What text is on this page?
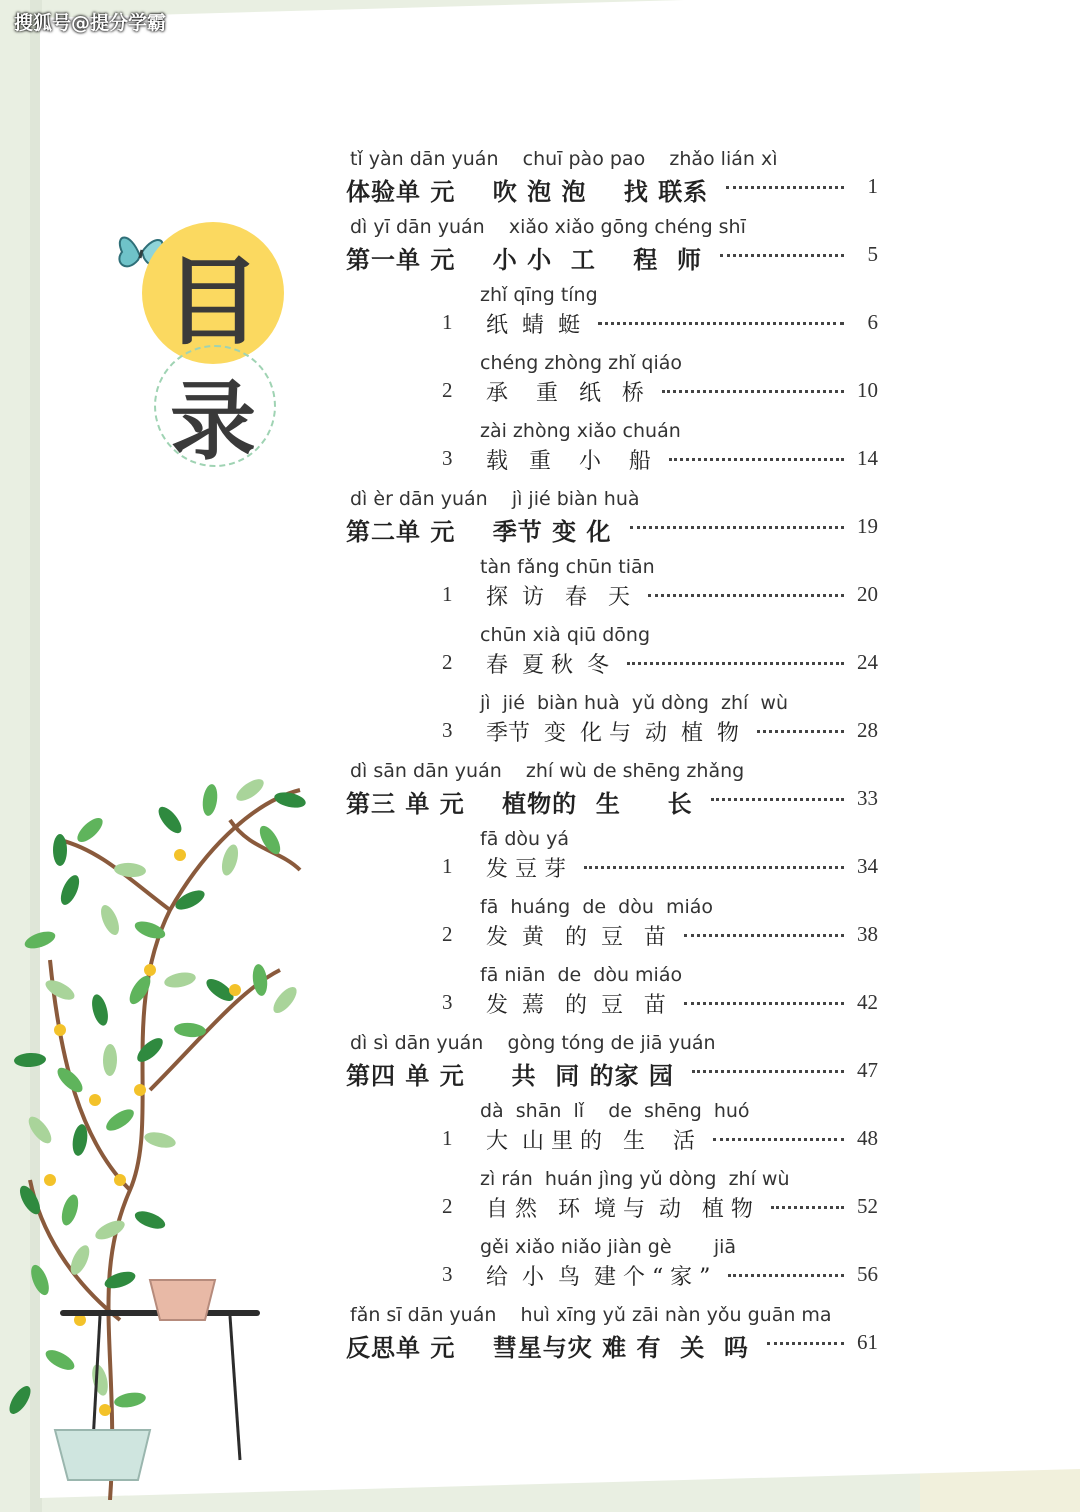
搜狐号@提分学霸
目
录
tǐ yàn dān yuán    chuī pào pao    zhǎo lián xì
体验单 元    吹 泡 泡    找 联系	1
dì yī dān yuán    xiǎo xiǎo gōng chéng shī
第一单 元    小 小  工    程  师	5
zhǐ qīng tíng
1 纸  蜻  蜓	6
chéng zhòng zhǐ qiáo
2 承    重   纸   桥	10
zài zhòng xiǎo chuán
3 载   重    小    船	14
dì èr dān yuán    jì jié biàn huà
第二单 元    季节 变 化	19
tàn fǎng chūn tiān
1 探  访   春   天	20
chūn xià qiū dōng
2 春  夏 秋  冬	24
jì  jié  biàn huà  yǔ dòng  zhí  wù
3 季节  变  化 与  动  植  物	28
dì sān dān yuán    zhí wù de shēng zhǎng
第三 单 元    植物的  生     长	33
fā dòu yá
1 发 豆 芽	34
fā  huáng  de  dòu  miáo
2 发  黄   的  豆   苗	38
fā niān  de  dòu miáo
3 发  蔫   的  豆   苗	42
dì sì dān yuán    gòng tóng de jiā yuán
第四 单 元     共  同 的家 园	47
dà  shān  lǐ    de  shēng  huó
1 大  山 里 的   生    活	48
zì rán  huán jìng yǔ dòng  zhí wù
2 自 然   环  境 与  动   植 物	52
gěi xiǎo niǎo jiàn gè       jiā
3 给  小  鸟  建 个 “ 家 ”	56
fǎn sī dān yuán    huì xīng yǔ zāi nàn yǒu guān ma
反思单 元    彗星与灾 难 有  关  吗	61
